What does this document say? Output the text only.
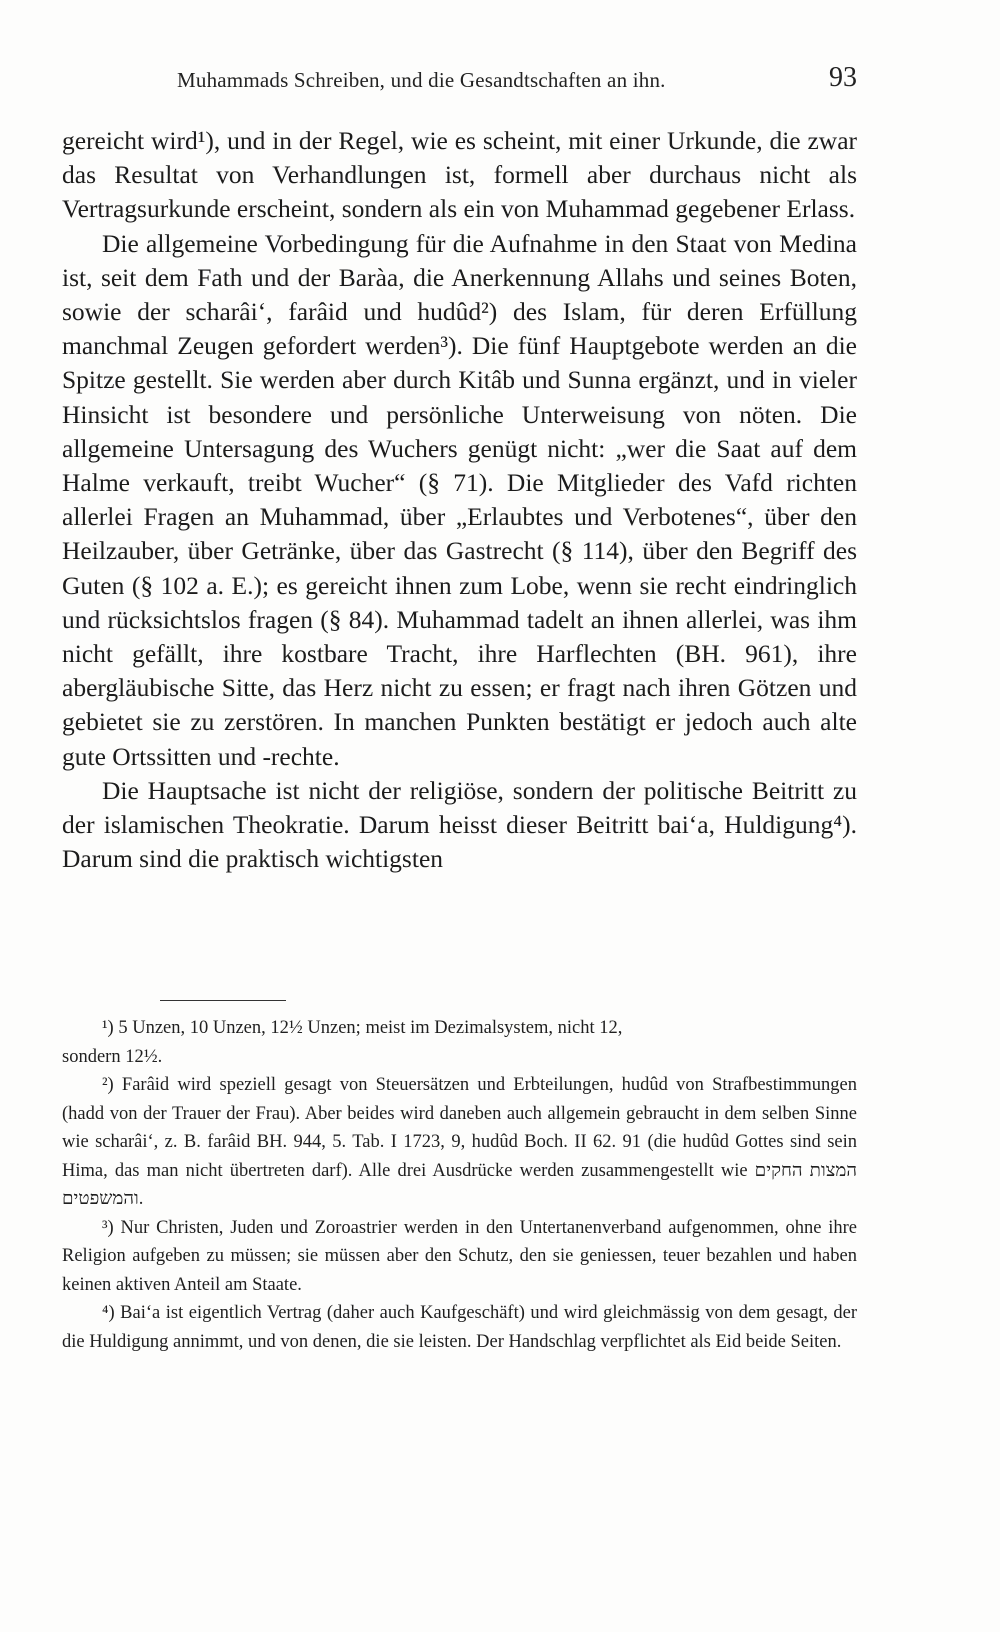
Muhammads Schreiben, und die Gesandtschaften an ihn.	93

gereicht wird¹), und in der Regel, wie es scheint, mit einer Urkunde, die zwar das Resultat von Verhandlungen ist, formell aber durchaus nicht als Vertragsurkunde erscheint, sondern als ein von Muhammad gegebener Erlass.

Die allgemeine Vorbedingung für die Aufnahme in den Staat von Medina ist, seit dem Fath und der Baràa, die Anerkennung Allahs und seines Boten, sowie der scharâi‘, farâid und hudûd²) des Islam, für deren Erfüllung manchmal Zeugen gefordert werden³). Die fünf Hauptgebote werden an die Spitze gestellt. Sie werden aber durch Kitâb und Sunna ergänzt, und in vieler Hinsicht ist besondere und persönliche Unterweisung von nöten. Die allgemeine Untersagung des Wuchers genügt nicht: „wer die Saat auf dem Halme verkauft, treibt Wucher“ (§ 71). Die Mitglieder des Vafd richten allerlei Fragen an Muhammad, über „Erlaubtes und Verbotenes“, über den Heilzauber, über Getränke, über das Gastrecht (§ 114), über den Begriff des Guten (§ 102 a. E.); es gereicht ihnen zum Lobe, wenn sie recht eindringlich und rücksichtslos fragen (§ 84). Muhammad tadelt an ihnen allerlei, was ihm nicht gefällt, ihre kostbare Tracht, ihre Harflechten (BH. 961), ihre abergläubische Sitte, das Herz nicht zu essen; er fragt nach ihren Götzen und gebietet sie zu zerstören. In manchen Punkten bestätigt er jedoch auch alte gute Ortssitten und -rechte.

Die Hauptsache ist nicht der religiöse, sondern der politische Beitritt zu der islamischen Theokratie. Darum heisst dieser Beitritt bai‘a, Huldigung⁴). Darum sind die praktisch wichtigsten

¹) 5 Unzen, 10 Unzen, 12½ Unzen; meist im Dezimalsystem, nicht 12,

sondern 12½.

²) Farâid wird speziell gesagt von Steuersätzen und Erbteilungen, hudûd von Strafbestimmungen (hadd von der Trauer der Frau). Aber beides wird daneben auch allgemein gebraucht in dem selben Sinne wie scharâi‘, z. B. farâid BH. 944, 5. Tab. I 1723, 9, hudûd Boch. II 62. 91 (die hudûd Gottes sind sein Hima, das man nicht übertreten darf). Alle drei Ausdrücke werden zusammengestellt wie המצות החקים והמשפטים.

³) Nur Christen, Juden und Zoroastrier werden in den Untertanenverband aufgenommen, ohne ihre Religion aufgeben zu müssen; sie müssen aber den Schutz, den sie geniessen, teuer bezahlen und haben keinen aktiven Anteil am Staate.

⁴) Bai‘a ist eigentlich Vertrag (daher auch Kaufgeschäft) und wird gleichmässig von dem gesagt, der die Huldigung annimmt, und von denen, die sie leisten. Der Handschlag verpflichtet als Eid beide Seiten.
